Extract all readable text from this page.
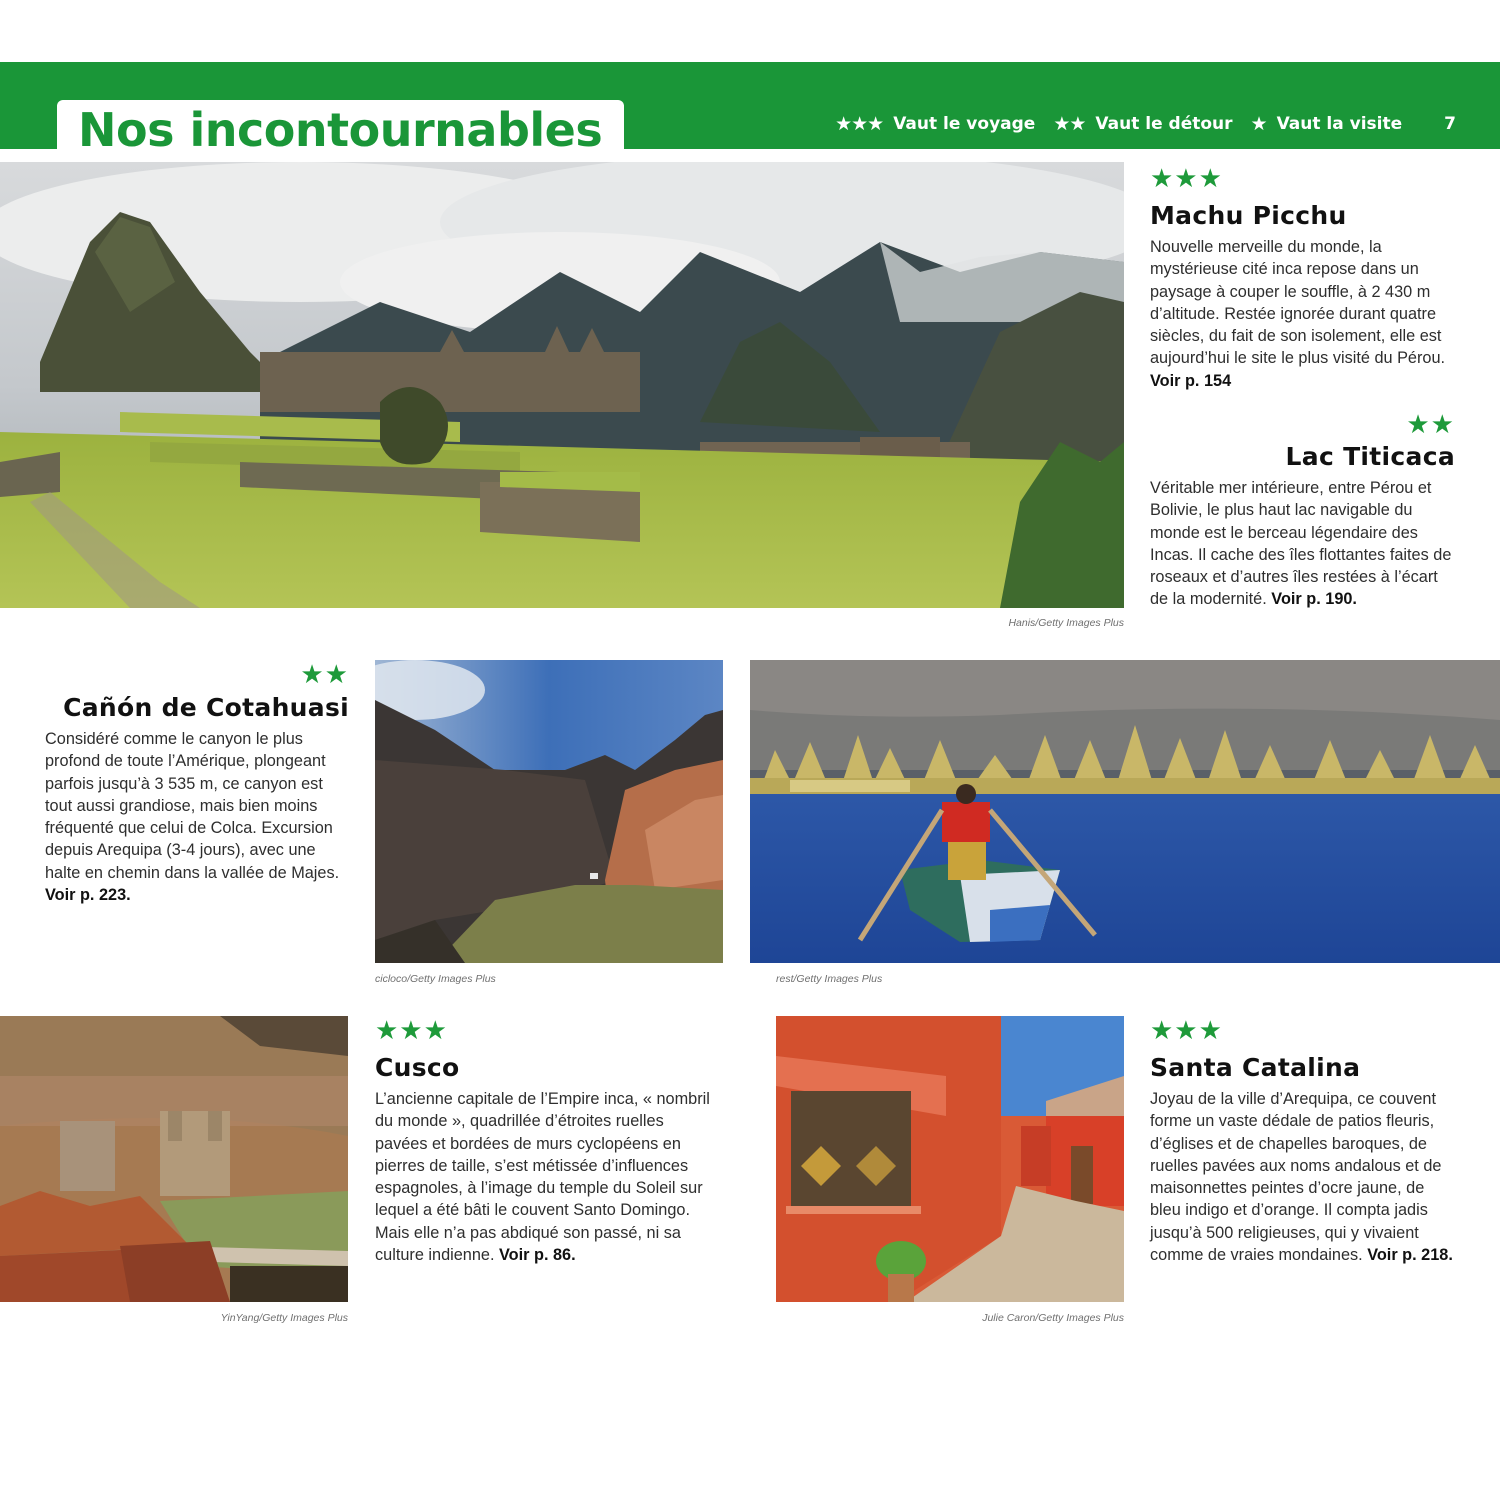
Nos incontournables	★★★ Vaut le voyage ★★ Vaut le détour ★ Vaut la visite 7
Hanis/Getty Images Plus
★★★
Machu Picchu
Nouvelle merveille du monde, la mystérieuse cité inca repose dans un paysage à couper le souffle, à 2 430 m d’altitude. Restée ignorée durant quatre siècles, du fait de son isolement, elle est aujourd’hui le site le plus visité du Pérou. Voir p. 154
★★
Lac Titicaca
Véritable mer intérieure, entre Pérou et Bolivie, le plus haut lac navigable du monde est le berceau légendaire des Incas. Il cache des îles flottantes faites de roseaux et d’autres îles restées à l’écart de la modernité. Voir p. 190.
★★
Cañón de Cotahuasi
Considéré comme le canyon le plus profond de toute l’Amérique, plongeant parfois jusqu’à 3 535 m, ce canyon est tout aussi grandiose, mais bien moins fréquenté que celui de Colca. Excursion depuis Arequipa (3-4 jours), avec une halte en chemin dans la vallée de Majes. Voir p. 223.
cicloco/Getty Images Plus	rest/Getty Images Plus
YinYang/Getty Images Plus
★★★
Cusco
L’ancienne capitale de l’Empire inca, « nombril du monde », quadrillée d’étroites ruelles pavées et bordées de murs cyclopéens en pierres de taille, s’est métissée d’influences espagnoles, à l’image du temple du Soleil sur lequel a été bâti le couvent Santo Domingo. Mais elle n’a pas abdiqué son passé, ni sa culture indienne. Voir p. 86.
Julie Caron/Getty Images Plus
★★★
Santa Catalina
Joyau de la ville d’Arequipa, ce couvent forme un vaste dédale de patios fleuris, d’églises et de chapelles baroques, de ruelles pavées aux noms andalous et de maisonnettes peintes d’ocre jaune, de bleu indigo et d’orange. Il compta jadis jusqu’à 500 religieuses, qui y vivaient comme de vraies mondaines. Voir p. 218.
